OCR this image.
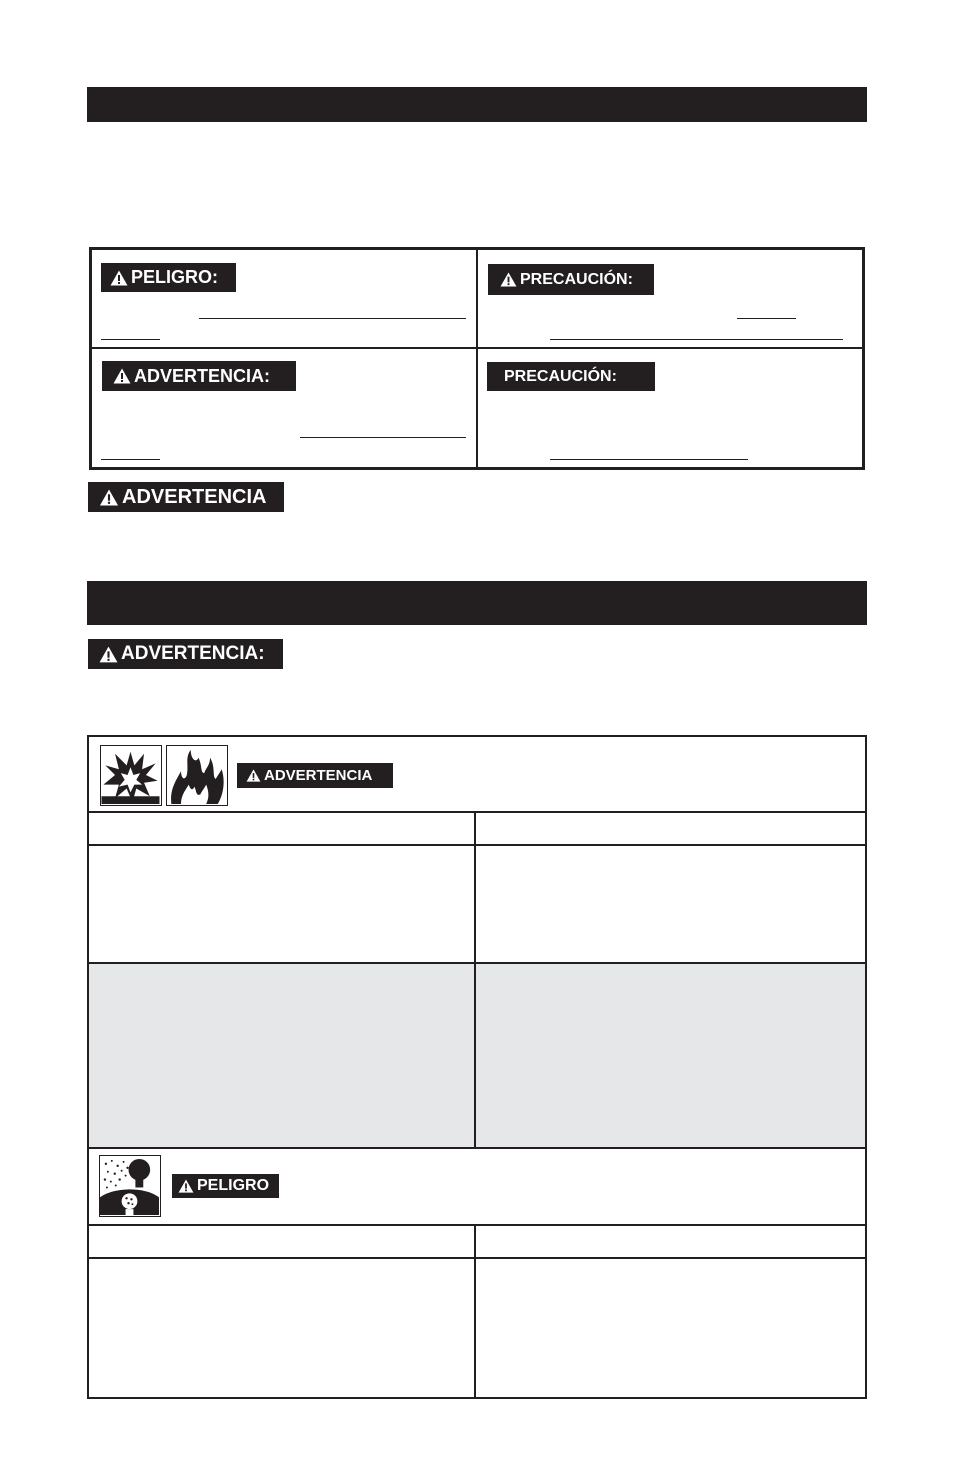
PELIGRO:	PRECAUCIÓN:
ADVERTENCIA:	PRECAUCIÓN:
ADVERTENCIA
ADVERTENCIA:
ADVERTENCIA
PELIGRO
